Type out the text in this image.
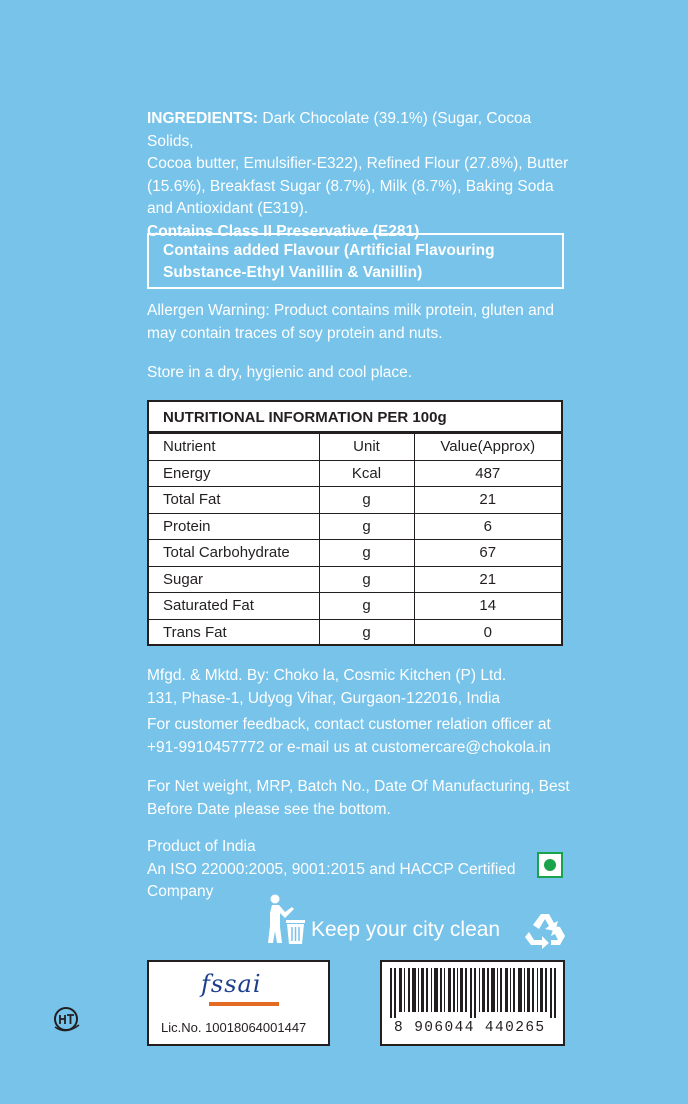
INGREDIENTS: Dark Chocolate (39.1%) (Sugar, Cocoa Solids,
Cocoa butter, Emulsifier-E322), Refined Flour (27.8%), Butter
(15.6%), Breakfast Sugar (8.7%), Milk (8.7%), Baking Soda
and Antioxidant (E319).
Contains Class II Preservative (E281)
Contains added Flavour (Artificial Flavouring
Substance-Ethyl Vanillin & Vanillin)
Allergen Warning: Product contains milk protein, gluten and
may contain traces of soy protein and nuts.
Store in a dry, hygienic and cool place.
NUTRITIONAL INFORMATION PER 100g
Nutrient	Unit	Value(Approx)
Energy	Kcal	487
Total Fat	g	21
Protein	g	6
Total Carbohydrate	g	67
Sugar	g	21
Saturated Fat	g	14
Trans Fat	g	0
Mfgd. & Mktd. By: Choko la, Cosmic Kitchen (P) Ltd.
131, Phase-1, Udyog Vihar, Gurgaon-122016, India
For customer feedback, contact customer relation officer at
+91-9910457772 or e-mail us at customercare@chokola.in
For Net weight, MRP, Batch No., Date Of Manufacturing, Best
Before Date please see the bottom.
Product of India
An ISO 22000:2005, 9001:2015 and HACCP Certified
Company
Keep your city clean
fssai
Lic.No. 10018064001447	8 906044 440265
